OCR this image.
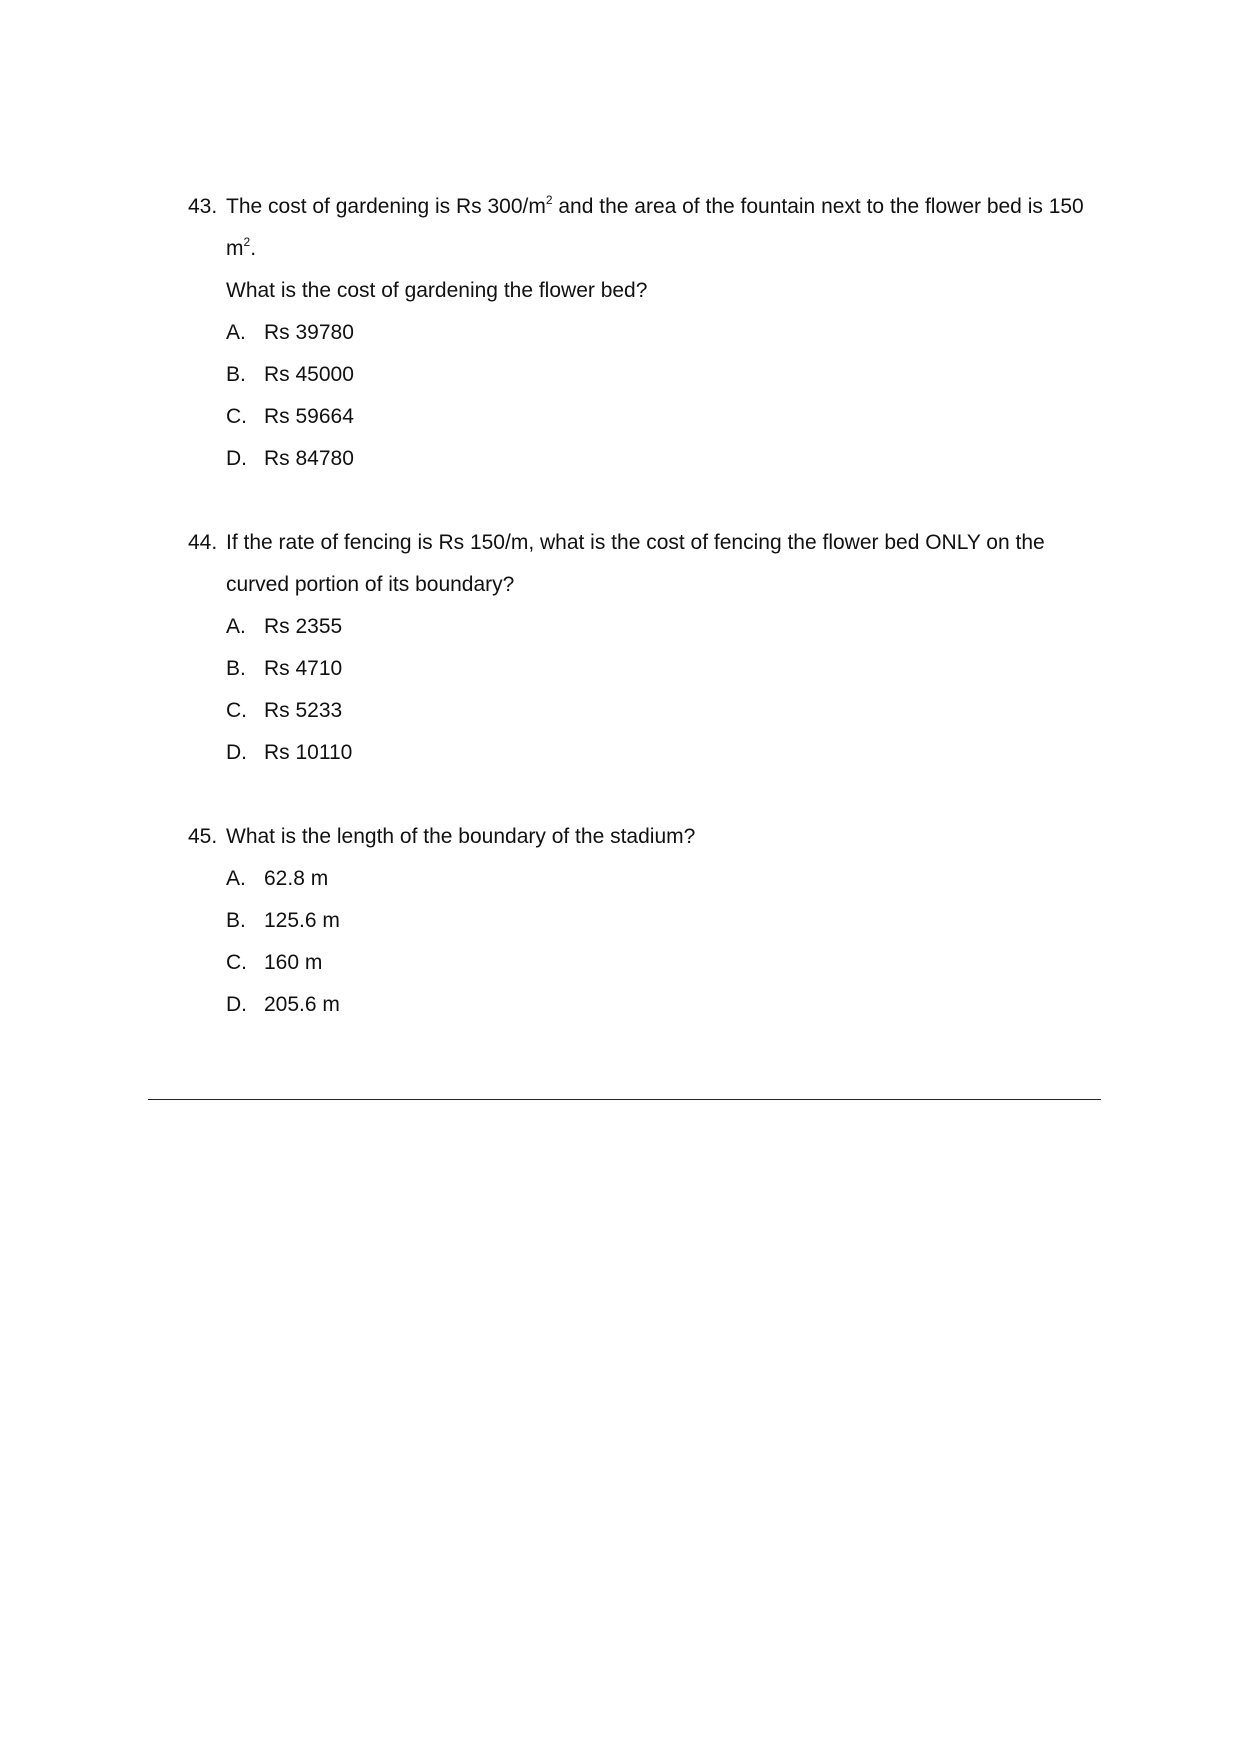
43. The cost of gardening is Rs $300/m^2$ and the area of the fountain next to the flower bed is 150
$m^2$.
What is the cost of gardening the flower bed?
A. Rs 39780
B. Rs 45000
C. Rs 59664
D. Rs 84780
44. If the rate of fencing is Rs 150/m, what is the cost of fencing the flower bed ONLY on the
curved portion of its boundary?
A. Rs 2355
B. Rs 4710
C. Rs 5233
D. Rs 10110
45. What is the length of the boundary of the stadium?
A. 62.8 m
B. 125.6 m
C. 160 m
D. 205.6 m
